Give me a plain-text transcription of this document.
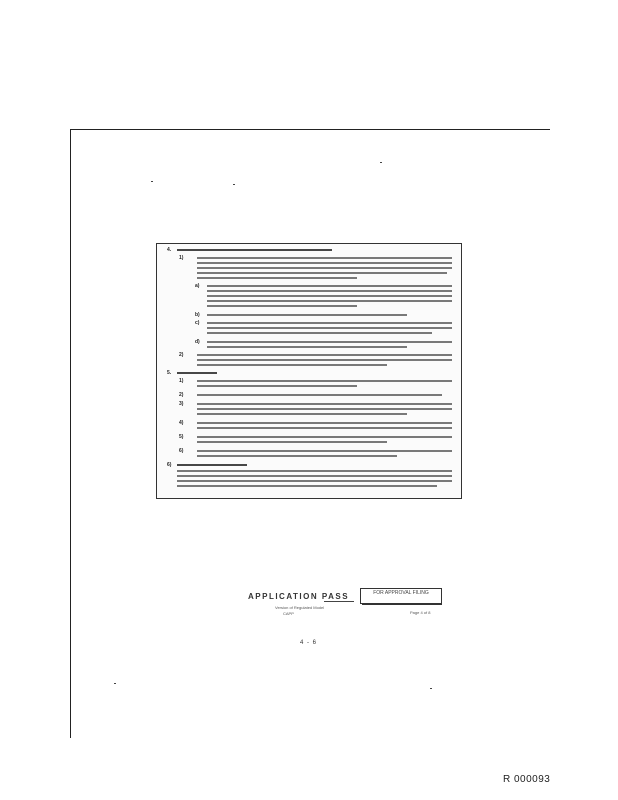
4.
1)
a)
b)
c)
d)
2)
5.
1)
2)
3)
4)
5)
6)
6)
APPLICATION PASS
Version of Regulated Model
CAPP
FOR APPROVAL FILING
Page 4 of 8
4 - 6
R 000093
